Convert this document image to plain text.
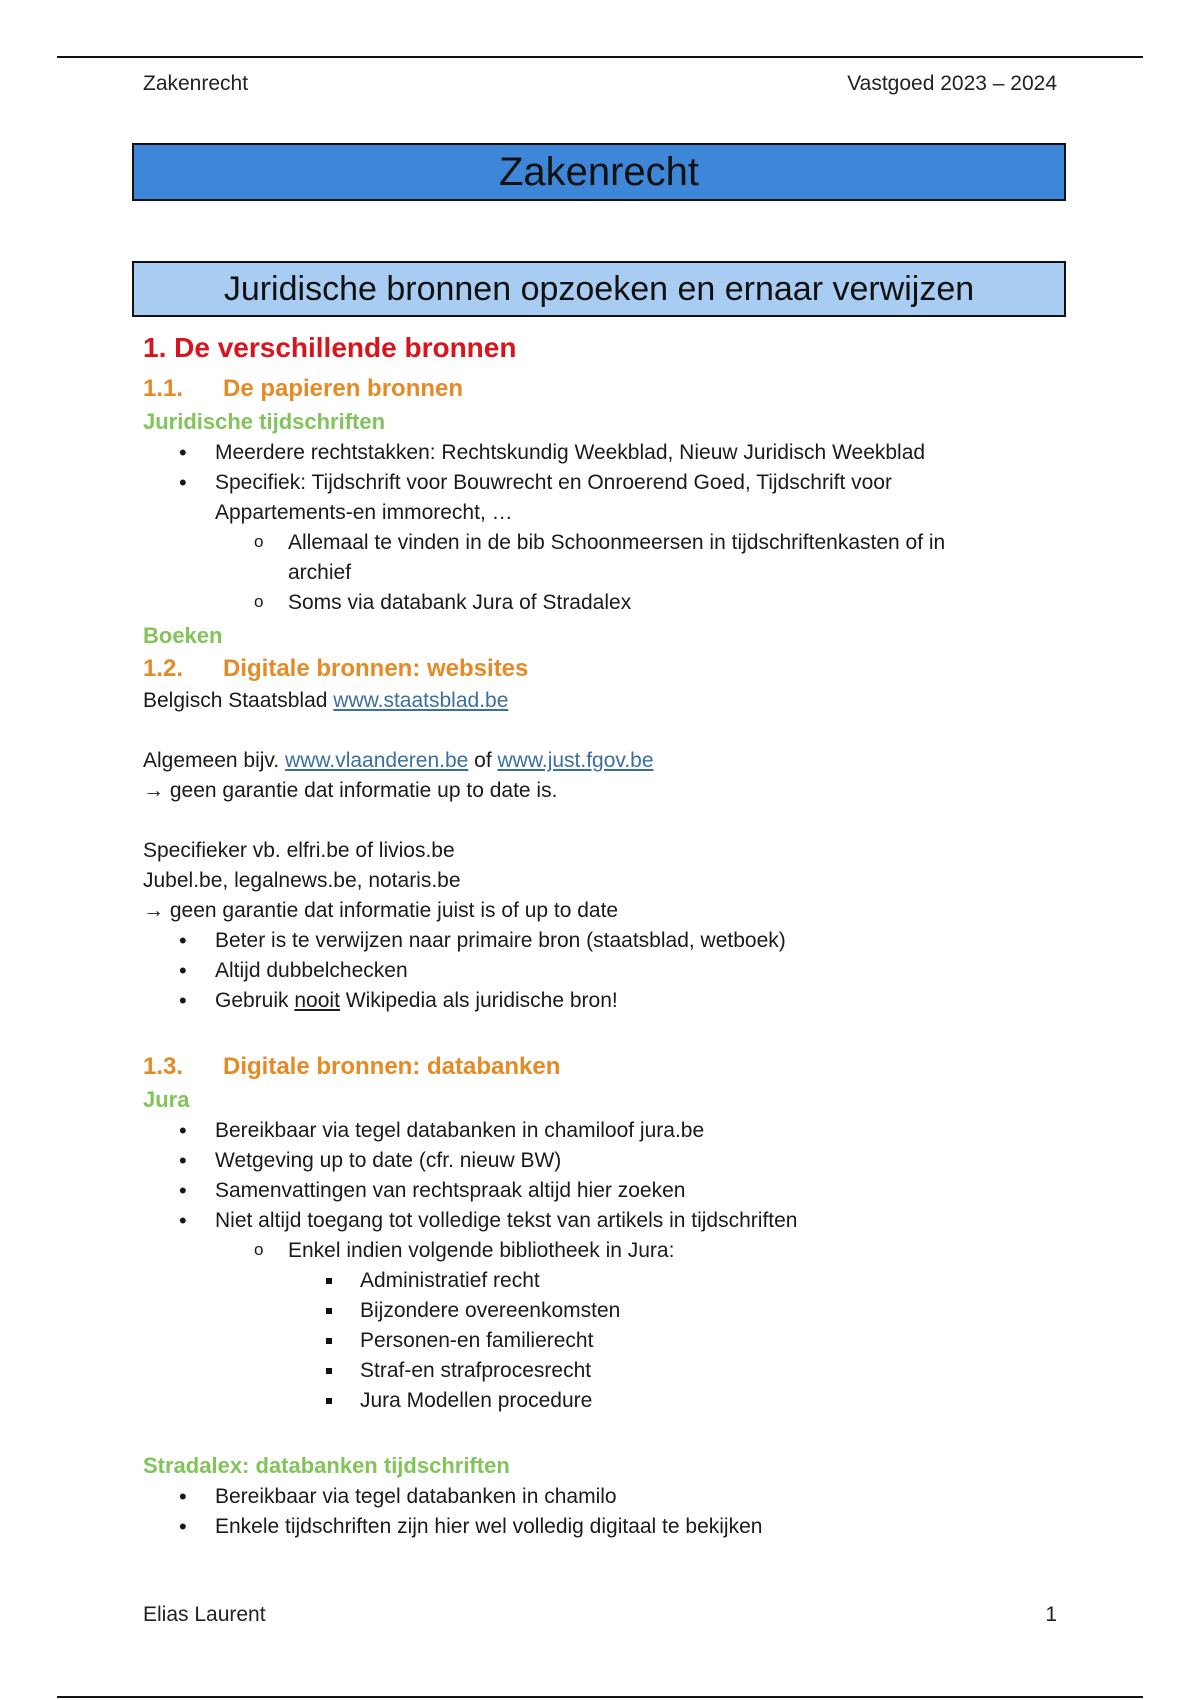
Zakenrecht	Vastgoed 2023 – 2024
Zakenrecht
Juridische bronnen opzoeken en ernaar verwijzen
1. De verschillende bronnen
1.1. De papieren bronnen
Juridische tijdschriften
• Meerdere rechtstakken: Rechtskundig Weekblad, Nieuw Juridisch Weekblad
• Specifiek: Tijdschrift voor Bouwrecht en Onroerend Goed, Tijdschrift voor
Appartements-en immorecht, …
o Allemaal te vinden in de bib Schoonmeersen in tijdschriftenkasten of in
archief
o Soms via databank Jura of Stradalex
Boeken
1.2. Digitale bronnen: websites

Belgisch Staatsblad www.staatsblad.be

Algemeen bijv. www.vlaanderen.be of www.just.fgov.be

→ geen garantie dat informatie up to date is.

Specifieker vb. elfri.be of livios.be

Jubel.be, legalnews.be, notaris.be

→ geen garantie dat informatie juist is of up to date

• Beter is te verwijzen naar primaire bron (staatsblad, wetboek)
• Altijd dubbelchecken
• Gebruik nooit Wikipedia als juridische bron!
1.3. Digitale bronnen: databanken
Jura
• Bereikbaar via tegel databanken in chamiloof jura.be
• Wetgeving up to date (cfr. nieuw BW)
• Samenvattingen van rechtspraak altijd hier zoeken
• Niet altijd toegang tot volledige tekst van artikels in tijdschriften
o Enkel indien volgende bibliotheek in Jura:
Administratief recht
Bijzondere overeenkomsten
Personen-en familierecht
Straf-en strafprocesrecht
Jura Modellen procedure
Stradalex: databanken tijdschriften
• Bereikbaar via tegel databanken in chamilo
• Enkele tijdschriften zijn hier wel volledig digitaal te bekijken
Elias Laurent	1
